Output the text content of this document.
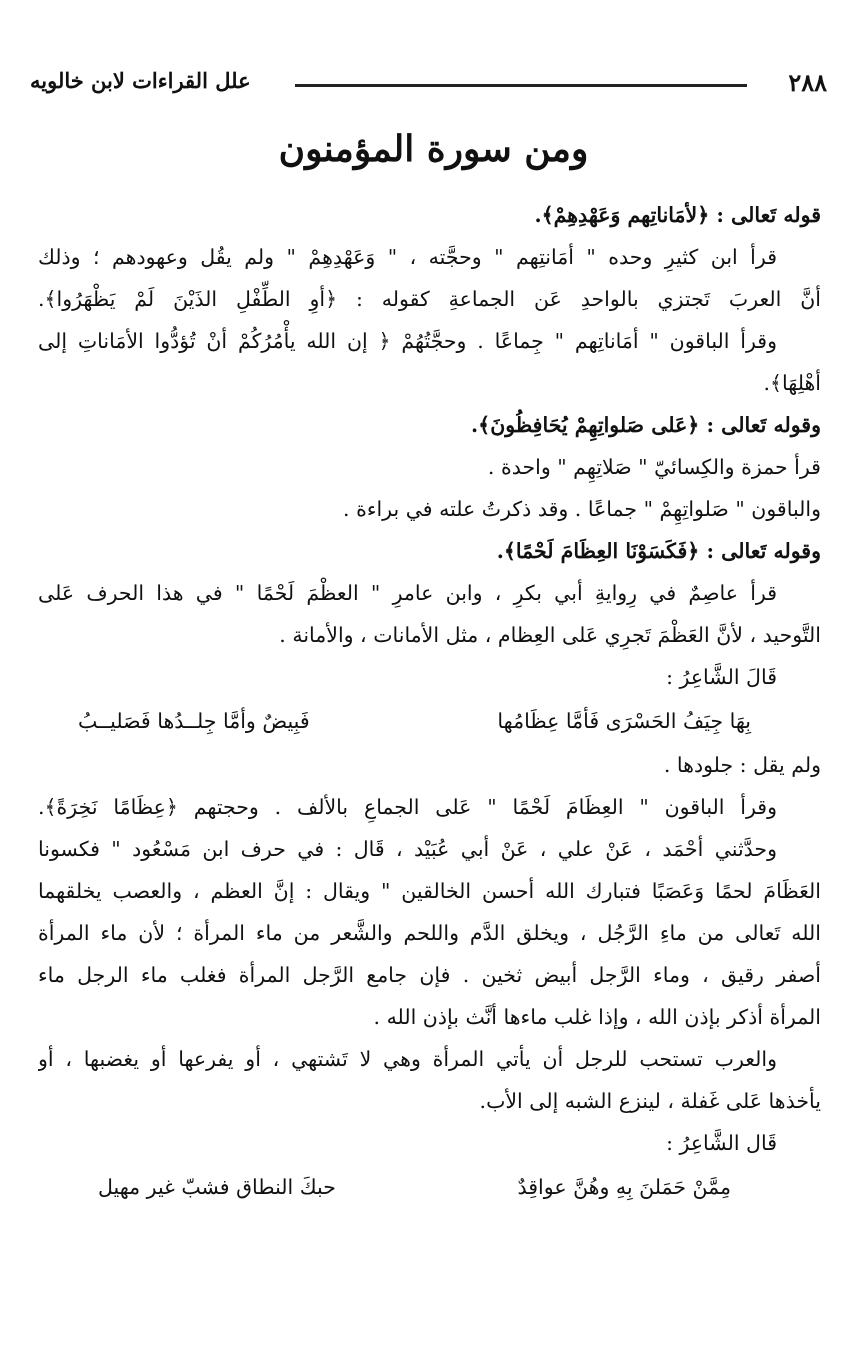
٢٨٨
علل القراءات لابن خالويه
ومن سورة المؤمنون
قوله تَعالى : ﴿لأمَاناتِهم وَعَهْدِهِمْ﴾.
قرأ ابن كثيرِ وحده " أمَانتِهم " وحجَّته ، " وَعَهْدِهِمْ " ولم يقُل وعهودهم ؛ وذلك
أنَّ العربَ تَجتزي بالواحدِ عَن الجماعةِ كقوله : ﴿أوِ الطِّفْلِ الذَيْنَ لَمْ يَظْهَرُوا﴾.
وقرأ الباقون " أمَاناتِهم " جِماعًا . وحجَّتُهُمْ ﴿ إن الله يأْمُرُكُمْ أنْ تُؤدُّوا الأمَاناتِ إلى
أهْلِهَا﴾.
وقوله تَعالى : ﴿عَلى صَلواتِهِمْ يُحَافِظُونَ﴾.
قرأ حمزة والكِسائيّ " صَلاتِهِم " واحدة .
والباقون " صَلواتِهِمْ " جماعًا . وقد ذكرتُ علته في براءة .
وقوله تَعالى : ﴿فَكَسَوْنَا العِظَامَ لَحْمًا﴾.
قرأ عاصِمٌ في رِوايةِ أبي بكرِ ، وابن عامرِ " العظْمَ لَحْمًا " في هذا الحرف عَلى
التَّوحيد ، لأنَّ العَظْمَ تَجرِي عَلى العِظام ، مثل الأمانات ، والأمانة .
قَالَ الشَّاعِرُ :
بِهَا جِيَفُ الحَسْرَى فَأمَّا عِظَامُها
فَبِيضٌ وأمَّا جِلــدُها فَصَليــبُ
ولم يقل : جلودها .
وقرأ الباقون " العِظَامَ لَحْمًا " عَلى الجماعِ بالألف . وحجتهم ﴿عِظَامًا نَخِرَةً﴾.
وحدَّثني أحْمَد ، عَنْ علي ، عَنْ أبي عُبَيْد ، قَال : في حرف ابن مَسْعُود " فكسونا
العَظَامَ لحمًا وَعَصَبًا فتبارك الله أحسن الخالقين " ويقال : إنَّ العظم ، والعصب يخلقهما
الله تَعالى من ماءِ الرَّجُل ، ويخلق الدَّم واللحم والشَّعر من ماء المرأة ؛ لأن ماء المرأة
أصفر رقيق ، وماء الرَّجل أبيض ثخين . فإن جامع الرَّجل المرأة فغلب ماء الرجل ماء
المرأة أذكر بإذن الله ، وإذا غلب ماءها أنَّث بإذن الله .
والعرب تستحب للرجل أن يأتي المرأة وهي لا تَشتهي ، أو يفرعها أو يغضبها ، أو
يأخذها عَلى غَفلة ، لينزع الشبه إلى الأب.
قَال الشَّاعِرُ :
مِمَّنْ حَمَلنَ بِهِ وهُنَّ عواقِدٌ
حبكَ النطاق فشبّ غير مهيل
